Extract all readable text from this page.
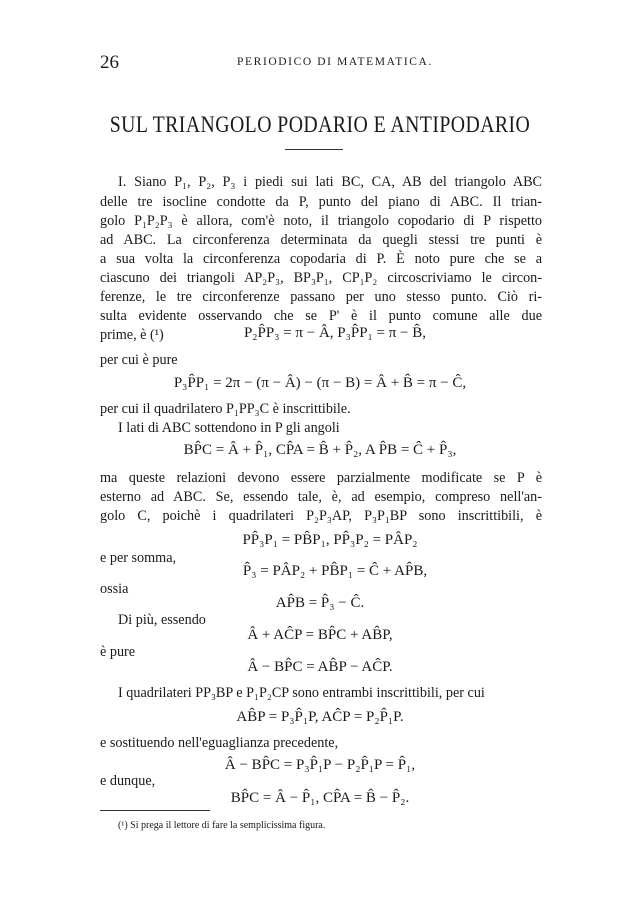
26	PERIODICO DI MATEMATICA.
SUL TRIANGOLO PODARIO E ANTIPODARIO
I. Siano P₁, P₂, P₃ i piedi sui lati BC, CA, AB del triangolo ABC
delle tre isocline condotte da P, punto del piano di ABC. Il trian-
golo P₁P₂P₃ è allora, com'è noto, il triangolo copodario di P rispetto
ad ABC. La circonferenza determinata da quegli stessi tre punti è
a sua volta la circonferenza copodaria di P. È noto pure che se a
ciascuno dei triangoli AP₂P₃, BP₃P₁, CP₁P₂ circoscriviamo le circon-
ferenze, le tre circonferenze passano per uno stesso punto. Ciò ri-
sulta evidente osservando che se P' è il punto comune alle due
prime, è (¹)	P₂P̂P₃ = π − Â, P₃P̂P₁ = π − B̂,
per cui è pure
P₃P̂P₁ = 2π − (π − Â) − (π − B) = Â + B̂ = π − Ĉ,
per cui il quadrilatero P₁PP₃C è inscrittibile.
I lati di ABC sottendono in P gli angoli
BP̂C = Â + P̂₁, CP̂A = B̂ + P̂₂, A P̂B = Ĉ + P̂₃,
ma queste relazioni devono essere parzialmente modificate se P è
esterno ad ABC. Se, essendo tale, è, ad esempio, compreso nell'an-
golo C, poichè i quadrilateri P₂P₃AP, P₃P₁BP sono inscrittibili, è
PP̂₃P₁ = PB̂P₁, PP̂₃P₂ = PÂP₂
e per somma,
P̂₃ = PÂP₂ + PB̂P₁ = Ĉ + AP̂B,
ossia
AP̂B = P̂₃ − Ĉ.
Di più, essendo
Â + AĈP = BP̂C + AB̂P,
è pure
Â − BP̂C = AB̂P − AĈP.
I quadrilateri PP₃BP e P₁P₂CP sono entrambi inscrittibili, per cui
AB̂P = P₃P̂₁P, AĈP = P₂P̂₁P.
e sostituendo nell'eguaglianza precedente,
Â − BP̂C = P₃P̂₁P − P₂P̂₁P = P̂₁,
e dunque,
BP̂C = Â − P̂₁, CP̂A = B̂ − P̂₂.
(¹) Si prega il lettore di fare la semplicissima figura.
